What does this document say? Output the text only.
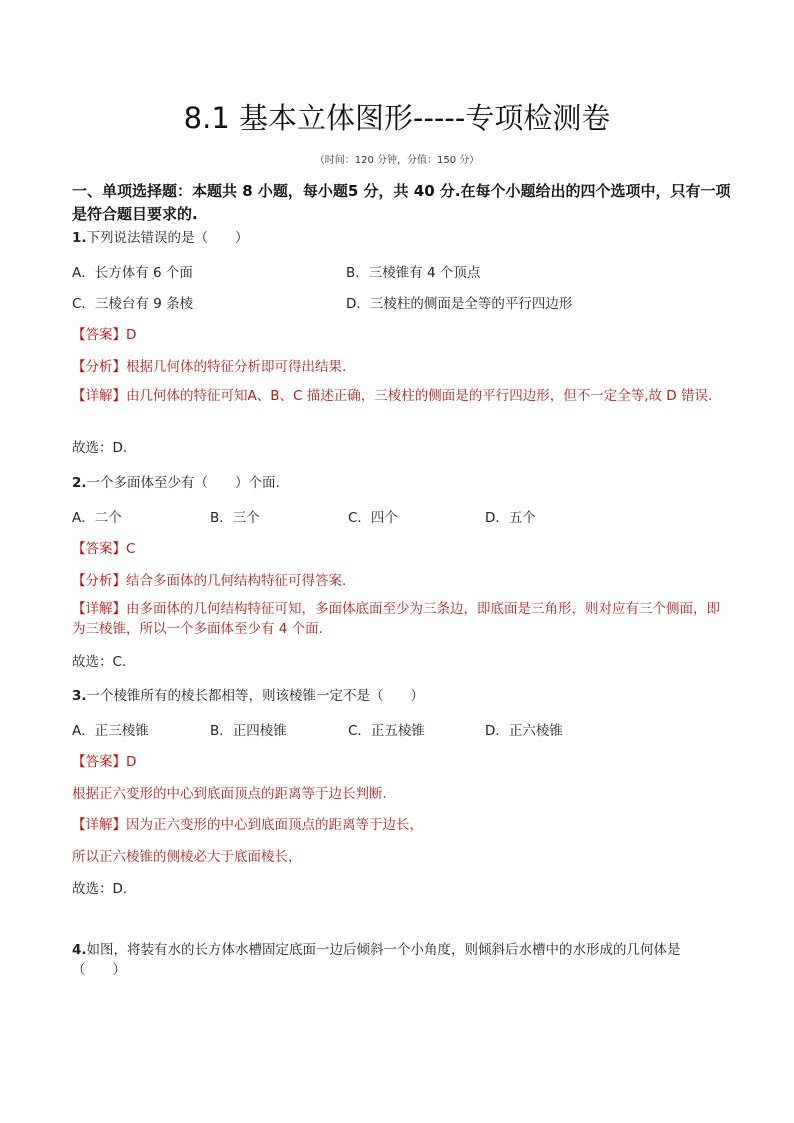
8.1 基本立体图形-----专项检测卷
（时间：120 分钟，分值：150 分）
一、单项选择题：本题共 8 小题，每小题5 分，共 40 分.在每个小题给出的四个选项中，只有一项是符合题目要求的.
1.下列说法错误的是（　　）
A．长方体有 6 个面	B．三棱锥有 4 个顶点
C．三棱台有 9 条棱	D．三棱柱的侧面是全等的平行四边形
【答案】D
【分析】根据几何体的特征分析即可得出结果.
【详解】由几何体的特征可知A、B、C 描述正确，三棱柱的侧面是的平行四边形，但不一定全等,故 D 错误.
故选：D.
2.一个多面体至少有（　　）个面.
A．二个	B．三个	C．四个	D．五个
【答案】C
【分析】结合多面体的几何结构特征可得答案.
【详解】由多面体的几何结构特征可知，多面体底面至少为三条边，即底面是三角形，则对应有三个侧面，即为三棱锥，所以一个多面体至少有 4 个面.
故选：C.
3.一个棱锥所有的棱长都相等，则该棱锥一定不是（　　）
A．正三棱锥	B．正四棱锥	C．正五棱锥	D．正六棱锥
【答案】D
根据正六变形的中心到底面顶点的距离等于边长判断.
【详解】因为正六变形的中心到底面顶点的距离等于边长，
所以正六棱锥的侧棱必大于底面棱长，
故选：D.
4.如图，将装有水的长方体水槽固定底面一边后倾斜一个小角度，则倾斜后水槽中的水形成的几何体是（　　）
